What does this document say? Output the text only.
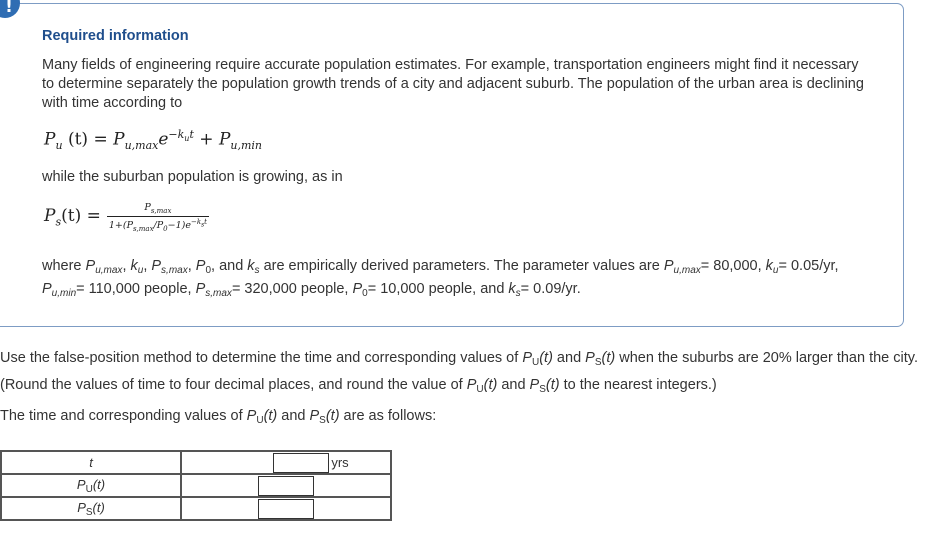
!
Required information
Many fields of engineering require accurate population estimates. For example, transportation engineers might find it necessary to determine separately the population growth trends of a city and adjacent suburb. The population of the urban area is declining with time according to
$P_u$ $(t) = P_{u,max}e^{-k_ut} + P_{u,min}$
while the suburban population is growing, as in
$P_s(t) = \frac{P_{s,max}}{1+(P_{s,max}/P_0-1)e^{-k_st}}$
where $P_{u,max}$, $k_u$, $P_{s,max}$, $P_0$, and $k_s$ are empirically derived parameters. The parameter values are $P_{u,max}= 80,000$, $k_u= 0.05/yr$, $P_{u,min}= 110,000$ people, $P_{s,max}= 320,000$ people, $P_0= 10,000$ people, and $k_s= 0.09/yr$.
Use the false-position method to determine the time and corresponding values of $P_U(t)$ and $P_S(t)$ when the suburbs are 20% larger than the city. (Round the values of time to four decimal places, and round the value of $P_U(t)$ and $P_S(t)$ to the nearest integers.)
The time and corresponding values of $P_U(t)$ and $P_S(t)$ are as follows:
t	yrs

$P_U(t)$	

$P_S(t)$	
